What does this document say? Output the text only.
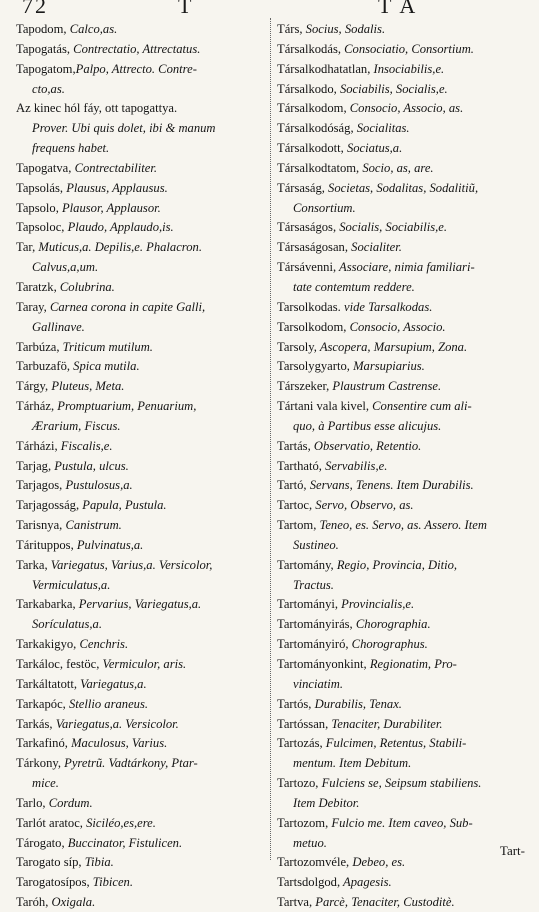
72	T	T A
Tapodom, Calco,as.
Tapogatás, Contrectatio, Attrectatus.
Tapogatom,Palpo, Attrecto. Contre-
cto,as.
Az kinec hól fáy, ott tapogattya.
Prover. Ubi quis dolet, ibi & manum
frequens habet.
Tapogatva, Contrectabiliter.
Tapsolás, Plausus, Applausus.
Tapsolo, Plausor, Applausor.
Tapsoloc, Plaudo, Applaudo,is.
Tar, Muticus,a. Depilis,e. Phalacron.
Calvus,a,um.
Taratzk, Colubrina.
Taray, Carnea corona in capite Galli,
Gallinave.
Tarbúza, Triticum mutilum.
Tarbuzafö, Spica mutila.
Tárgy, Pluteus, Meta.
Tárház, Promptuarium, Penuarium,
Ærarium, Fiscus.
Tárházi, Fiscalis,e.
Tarjag, Pustula, ulcus.
Tarjagos, Pustulosus,a.
Tarjagosság, Papula, Pustula.
Tarisnya, Canistrum.
Tárituppos, Pulvinatus,a.
Tarka, Variegatus, Varius,a. Versicolor,
Vermiculatus,a.
Tarkabarka, Pervarius, Variegatus,a.
Sorículatus,a.
Tarkakigyo, Cenchris.
Tarkáloc, festöc, Vermiculor, aris.
Tarkáltatott, Variegatus,a.
Tarkapóc, Stellio araneus.
Tarkás, Variegatus,a. Versicolor.
Tarkafinó, Maculosus, Varius.
Tárkony, Pyretrũ. Vadtárkony, Ptar-
mice.
Tarlo, Cordum.
Tarlót aratoc, Siciléo,es,ere.
Tárogato, Buccinator, Fistulicen.
Tarogato síp, Tibia.
Tarogatosípos, Tibicen.
Taróh, Oxigala.
Társ, Socius, Sodalis.
Társalkodás, Consociatio, Consortium.
Társalkodhatatlan, Insociabilis,e.
Társalkodo, Sociabilis, Socialis,e.
Társalkodom, Consocio, Associo, as.
Társalkodóság, Socialitas.
Társalkodott, Sociatus,a.
Társalkodtatom, Socio, as, are.
Társaság, Societas, Sodalitas, Sodalitiũ,
Consortium.
Társaságos, Socialis, Sociabilis,e.
Társaságosan, Socialiter.
Társávenni, Associare, nimia familiari-
tate contemtum reddere.
Tarsolkodas. vide Tarsalkodas.
Tarsolkodom, Consocio, Associo.
Tarsoly, Ascopera, Marsupium, Zona.
Tarsolygyarto, Marsupiarius.
Társzeker, Plaustrum Castrense.
Tártani vala kivel, Consentire cum ali-
quo, à Partibus esse alicujus.
Tartás, Observatio, Retentio.
Tartható, Servabilis,e.
Tartó, Servans, Tenens. Item Durabilis.
Tartoc, Servo, Observo, as.
Tartom, Teneo, es. Servo, as. Assero. Item
Sustineo.
Tartomány, Regio, Provincia, Ditio,
Tractus.
Tartományi, Provincialis,e.
Tartományirás, Chorographia.
Tartományiró, Chorographus.
Tartományonkint, Regionatim, Pro-
vinciatim.
Tartós, Durabilis, Tenax.
Tartóssan, Tenaciter, Durabiliter.
Tartozás, Fulcimen, Retentus, Stabili-
mentum. Item Debitum.
Tartozo, Fulciens se, Seipsum stabiliens.
Item Debitor.
Tartozom, Fulcio me. Item caveo, Sub-
metuo.
Tartozomvéle, Debeo, es.
Tartsdolgod, Apagesis.
Tartva, Parcè, Tenaciter, Custoditè.
Tart-
